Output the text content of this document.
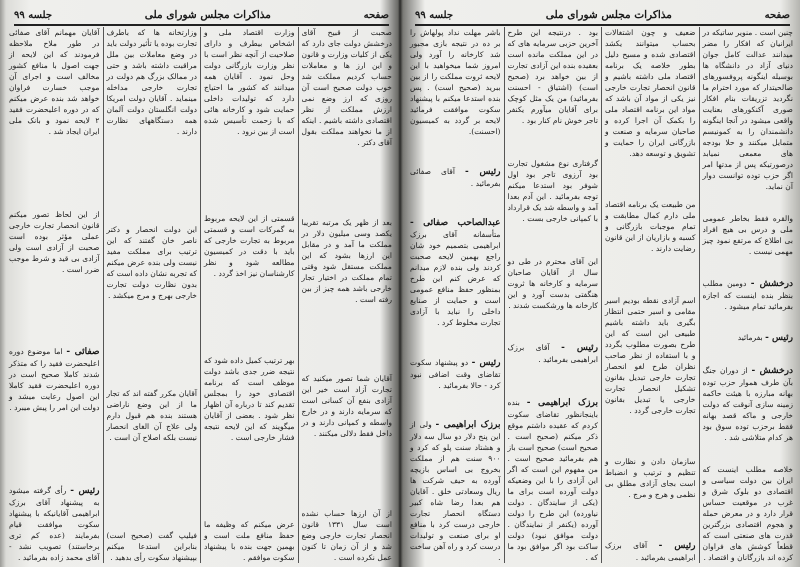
صفحه
مذاکرات مجلس شورای ملی
جلسه ۹۹

چنین است . منویر ساتیکه در ایرانیان که افکار را مضر میدانند عدالت کامل جوان دنیای آزاد در دانشگاه ها بوسیله اینگونه پروفسورهای صالحیتدار که مورد احترام ما نگردید تزریقات بنام افکار صوری آکنکورهای بعنایت واقعی میشود در آنجا اینگونه دانشمندان را به کمونیسم متمایل میکنند و حلا بودجه های معمعی نمیابد درصورتیکه پس از مدتها امر اگر حزب توده توانست دوار آن نماید.

والقره فقط بخاطر عمومی ملی و درس بی هیچ افراد بی اطلاع که مرتفع نمود چیز مهمی نیست .

درخشش - دومین مطلب بنظر بنده اینست که اجازه بفرمائید تمام میشود .

رئیس - بفرمائید

درخشش - از دوران جنگ بآن طرف هموار حزب توده بهانه مبارزه با هیئت حاکمه زمینه سازی آنوقت که دولت خارجی و ماکه قصد بهانه فقط برحزب توده سوق بود هر کدام متلاشی شد .

خلاصه مطلب اینست که ایران بین دولت سیاسی و اقتصادی دو بلوک شرق و غرب در موقعیت حساس قرار دارد و در معرض حمله و هجوم اقتصادی بزرگترین قدرت های صنعتی است که قطعاً کوشش های فراوان کرده اند بازرگانان و اقتصاد .

ضعیف و چون اشتغالات بحساب میتوانند یکشد اقتصادی شده و مسیح دلیل بطور خلاصه یک برنامه اقتصاد ملی داشته باشیم و قانون انحصار تجارت خارجی نیز یکی از مواد آن باشد که مواد این برنامه اقتصاد ملی را بکمک آن اجرا کرده و صاحبان سرمایه و صنعت و بازرگانی ایران را حمایت و تشویق و توسعه دهد.

من طبیعت یک برنامه اقتصاد ملی دارم کمال مطابقت و تمام موجبات بازرگانی و کسبه و بازاریان از این قانون رضایت دارند .

اسم آزادی نقطه بودیم اسیر مقامی و اسیر حتمی انتظار بگیری باید داشته باشیم طبیعی این است که این طرح بصورت مطلوب بگردد و با استفاده از نظر صاحب نظران طرح لغو انحصار تجارت خارجی تبدیل بقانون تشکیل انحصار تجارت خارجی یا تبدیل بقانون تجارت خارجی گردد .

سازمان دادن و نظارت و تنظیم و ترتیب و انضباط است بجای آزادی مطلق بی نظمی و هرج و مرج .

رئیس - آقای برزک ابراهیمی بفرمائید .

بود . درنتیجه این طرح آخرین حزبی سرمایه های که در این مملکت مانده است بعقیده بنده این آزادی تجارت از بین خواهد برد (صحیح است) (اشتیاق - احسنت بفرمائید) من یک مثل کوچک برای آقایان میآورم یکنفر تاجر خوش نام کنار بود .

گرفتاری نوع مشغول تجارت بود آرزوی تاجر بود اول شوفر بود استدعا میکنم توجه بفرمائید . این آدم بعدا آمد و واسطه شد یک قرارداد با کمپانی خارجی بست .

این آقای محترم در طی دو سال از آقایان صاحبان سرمایه و کارخانه ها ثروت هنگفتی بدست آورد و این کارخانه ها ورشکست شدند .

رئیس - آقای برزک ابراهیمی بفرمائید .

برزک ابراهیمی - بنده باینجانظور تقاضای سکوت کردم که عقیده داشتم موقع ذکر میکنم (صحیح است . صحیح است) صحیح است باز هم بفرمائید صحیح است . من مفهوم این است که اگر این آزادی را با این وضعیکه دولت آورده است برای ما (یکی از سایندگان . دولت نیاورده) این طرح را دولت آورده (یکنفر از نمایندگان . دولت موافق نبود) دولت ساکت بود اگر موافق بود ما که .

باشر مهلت نداد پولهاش را بر ده در نتیجه بازی مجبور شد کارخانه را آورد ولی امروز شما میخواهید با این لایحه ثروت مملکت را از بین ببرید (صحیح است) . پس بنده استدعا میکنم با پیشنهاد سکوت موافقت فرمائید لایحه بر گردد به کمیسیون (احسنت).

رئیس - آقای صفائی بفرمائید .

عبدالصاحب صفائی - متأسفانه آقای برزک ابراهیمی بتصمیم خود شان راجع بهمین لایحه صحبت کردند ولی بنده لازم میدانم که عرض کنم این طرح بمنظور حفظ منافع عمومی است و حمایت از صنایع داخلی را نباید با آزادی تجارت مخلوط کرد .

رئیس - دو پیشنهاد سکوت تقاضای وقت اضافی نبود کرد - حالا بفرمائید .

برزک ابراهیمی - ولی از این پنج دلار دو سال سه دلار و هشتاد سنت پلو که کرد و ۹۰۰ سنت هم از مملکت بخروج بی اساس بازیچه آورده به حیف شرکت ها ریال وسعادتی خلق . آقایان هم بعدا رضا شاه کبیر دستگاه انحصار تجارت خارجی درست کرد با منافع او برای صنعت و تولیدات درست کرد و راه آهن ساخت .

صفحه
مذاکرات مجلس شورای ملی
جلسه ۹۹

صحبت از قبیح آقای درخشش دولت جای دارد که یکی از کلیات وزارت و قانون و این ارز ها و معاملات حساب کردیم مملکت شد خوب دولت صحیح است آن روزی که ارز وضع نمی ارزش مملکت از نظر اقتصادی داشته باشیم . اینکه از ما نخواهند مملکت بقول آقای دکتر .

بعد از ظهر یک مرتبه تقریبا یکصد وسی میلیون دلار در مملکت ما آمد و در مقابل این ارزها بشود که این مملکت مستقل شود وقتی تمام مملکت در اختیار تجار خارجی باشد همه چیز از بین رفته است .

آقایان شما تصور میکنید که تجارت آزاد است خیر این آزادی بنفع آن کسانی است که سرمایه دارند و در خارج واسطه و کمپانی دارند و در داخل فقط دلالی میکنند .

از آن ارزها حساب نشده است سال ۱۳۳۱ قانون انحصار تجارت خارجی وضع شد و از آن زمان تا کنون عمل نکرده است .

وزارت اقتصاد ملی و اشخاص بیطرف و دارای صلاحیت از آنچه نظر است با نظر وزارت بازرگانی دولت وحل نمود . آقایان همه میدانند که کشور ما احتیاج دارد که تولیدات داخلی حمایت شود و کارخانه هائی که با زحمت تأسیس شده است از بین نرود .

قسمتی از این لایحه مربوط به گمرکات است و قسمتی مربوط به تجارت خارجی که باید با دقت در کمیسیون مطالعه شود و نظر کارشناسان نیز اخذ گردد .

بهر ترتیب کمیل داده شود که نتیجه ضرر جدی باشد دولت موظف است که برنامه اقتصادی خود را بمجلس تقدیم کند تا درباره آن اظهار نظر شود . بعضی از آقایان میگویند که این لایحه نتیجه فشار خارجی است .

عرض میکنم که وظیفه ما حفظ منافع ملت است و بهمین جهت بنده با پیشنهاد سکوت موافقم .

وزارتخانه ها که باطرف تجارت بوده یا تأثیر دولت باید در وضع معاملات بین ملل مراقبت داشته باشد و حتی در ممالک بزرگ هم دولت در تجارت خارجی مداخله مینماید . آقایان دولت امریکا دولت انگلستان دولت آلمان همه دستگاههای نظارت دارند .

این دولت انحصار و دکتر ناصر خان گفتند که این ترتیب برای مملکت مفید نیست ولی بنده عرض میکنم که تجربه نشان داده است که بدون نظارت دولت تجارت خارجی بهرج و مرج میکشد .

آقایان مکرر گفته اند که تجار ما از این وضع ناراضی هستند بنده هم قبول دارم ولی علاج آن الغای انحصار نیست بلکه اصلاح آن است .

فیلیپ گفت (صحیح است) بنابراین استدعا میکنم بپیشنهاد سکوت رأی بدهید .

آقایان مهمانم آقای صفائی در طور ملاح ملاحظه فرمودند که این لایحه از جهت اصول با منافع کشور مخالف است و اجرای آن موجب خسارت فراوان خواهد شد بنده عرض میکنم که در دوره اعلیحضرت فقید ۲ لایحه نمود و بانک ملی ایران ایجاد شد .

از این لحاظ تصور میکنم قانون انحصار تجارت خارجی عملی مؤثر بوده است صحبت از آزادی است ولی آزادی بی قید و شرط موجب ضرر است .

صفائی - اما موضوع دوره اعلیحضرت فقید را که متذکر شدند کاملا صحیح است در دوره اعلیحضرت فقید کاملا این اصول رعایت میشد و دولت این امر را پیش میبرد .

رئیس - رأی گرفته میشود به پیشنهاد آقای برزک ابراهیمی آقایانیکه با پیشنهاد سکوت موافقت قیام بفرمایند (عده کم تری برخاستند) تصویب نشد - آقای محمد زاده بفرمائید .
